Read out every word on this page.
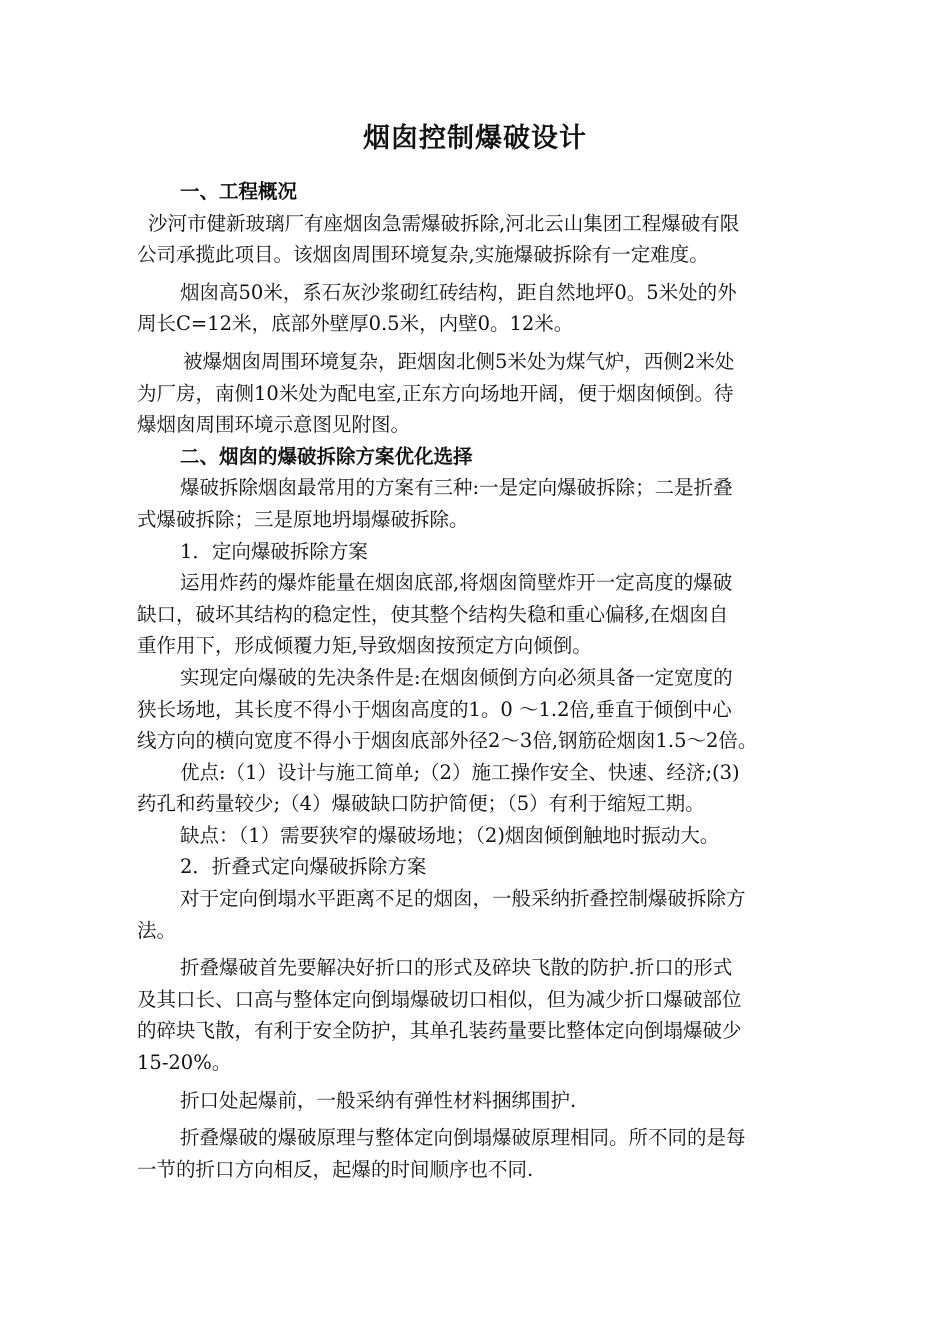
烟囱控制爆破设计

一、工程概况

沙河市健新玻璃厂有座烟囱急需爆破拆除,河北云山集团工程爆破有限

公司承揽此项目。该烟囱周围环境复杂,实施爆破拆除有一定难度。

烟囱高50米，系石灰沙浆砌红砖结构，距自然地坪0。5米处的外

周长C=12米，底部外壁厚0.5米，内壁0。12米。

被爆烟囱周围环境复杂，距烟囱北侧5米处为煤气炉，西侧2米处

为厂房，南侧10米处为配电室,正东方向场地开阔，便于烟囱倾倒。待

爆烟囱周围环境示意图见附图。

二、烟囱的爆破拆除方案优化选择

爆破拆除烟囱最常用的方案有三种:一是定向爆破拆除；二是折叠

式爆破拆除；三是原地坍塌爆破拆除。

1．定向爆破拆除方案

运用炸药的爆炸能量在烟囱底部,将烟囱筒壁炸开一定高度的爆破

缺口，破坏其结构的稳定性，使其整个结构失稳和重心偏移,在烟囱自

重作用下，形成倾覆力矩,导致烟囱按预定方向倾倒。

实现定向爆破的先决条件是:在烟囱倾倒方向必须具备一定宽度的

狭长场地，其长度不得小于烟囱高度的1。0 ～1.2倍,垂直于倾倒中心

线方向的横向宽度不得小于烟囱底部外径2～3倍,钢筋砼烟囱1.5～2倍。

优点:（1）设计与施工简单;（2）施工操作安全、快速、经济;(3)

药孔和药量较少;（4）爆破缺口防护简便；（5）有利于缩短工期。

缺点：（1）需要狭窄的爆破场地；（2)烟囱倾倒触地时振动大。

2．折叠式定向爆破拆除方案

对于定向倒塌水平距离不足的烟囱，一般采纳折叠控制爆破拆除方

法。

折叠爆破首先要解决好折口的形式及碎块飞散的防护.折口的形式

及其口长、口高与整体定向倒塌爆破切口相似，但为减少折口爆破部位

的碎块飞散，有利于安全防护，其单孔装药量要比整体定向倒塌爆破少

15-20%。

折口处起爆前，一般采纳有弹性材料捆绑围护.

折叠爆破的爆破原理与整体定向倒塌爆破原理相同。所不同的是每

一节的折口方向相反，起爆的时间顺序也不同.
